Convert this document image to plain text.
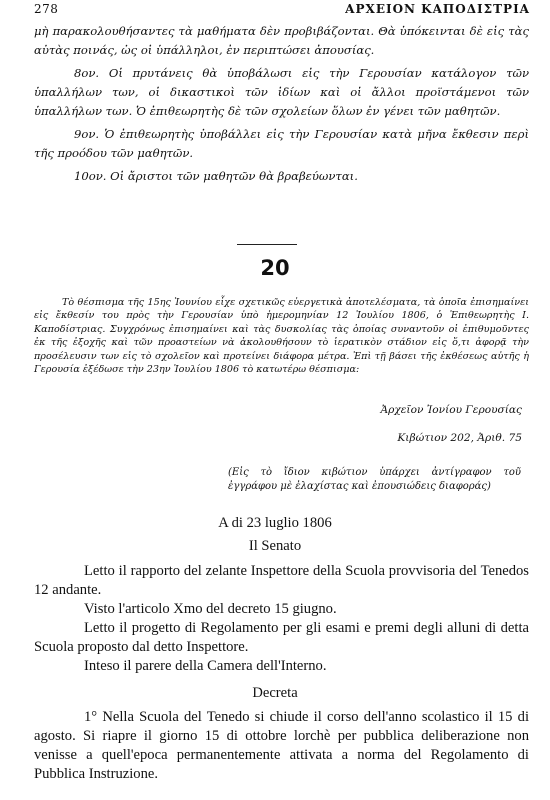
278	ΑΡΧΕΙΟΝ ΚΑΠΟΔΙΣΤΡΙΑ

μὴ παρακολουθήσαντες τὰ μαθήματα δὲν προβιβάζονται. Θὰ ὑπόκεινται δὲ εἰς τὰς αὐτὰς ποινάς, ὡς οἱ ὑπάλληλοι, ἐν περιπτώσει ἀπουσίας.

8ον. Οἱ πρυτάνεις θὰ ὑποβάλωσι εἰς τὴν Γερουσίαν κατάλογον τῶν ὑπαλλήλων των, οἱ δικαστικοὶ τῶν ἰδίων καὶ οἱ ἄλλοι προϊστάμενοι τῶν ὑπαλλήλων των. Ὁ ἐπιθεωρητὴς δὲ τῶν σχολείων ὅλων ἐν γένει τῶν μαθητῶν.

9ον. Ὁ ἐπιθεωρητὴς ὑποβάλλει εἰς τὴν Γερουσίαν κατὰ μῆνα ἔκθεσιν περὶ τῆς προόδου τῶν μαθητῶν.

10ον. Οἱ ἄριστοι τῶν μαθητῶν θὰ βραβεύωνται.

20

Τὸ θέσπισμα τῆς 15ης Ἰουνίου εἶχε σχετικῶς εὐεργετικὰ ἀποτελέσματα, τὰ ὁποῖα ἐπισημαίνει εἰς ἔκθεσίν του πρὸς τὴν Γερουσίαν ὑπὸ ἡμερομηνίαν 12 Ἰουλίου 1806, ὁ Ἐπιθεωρητὴς Ι. Καποδίστριας. Συγχρόνως ἐπισημαίνει καὶ τὰς δυσκολίας τὰς ὁποίας συναντοῦν οἱ ἐπιθυμοῦντες ἐκ τῆς ἐξοχῆς καὶ τῶν προαστείων νὰ ἀκολουθήσουν τὸ ἱερατικὸν στάδιον εἰς ὅ,τι ἀφορᾷ τὴν προσέλευσιν των εἰς τὸ σχολεῖον καὶ προτείνει διάφορα μέτρα. Ἐπὶ τῇ βάσει τῆς ἐκθέσεως αὐτῆς ἡ Γερουσία ἐξέδωσε τὴν 23ην Ἰουλίου 1806 τὸ κατωτέρω θέσπισμα:

Ἀρχεῖον Ἰονίου Γερουσίας
Κιβώτιον 202, Ἀριθ. 75
(Εἰς τὸ ἴδιον κιβώτιον ὑπάρχει ἀντίγραφον τοῦ ἐγγράφου μὲ ἐλαχίστας καὶ ἐπουσιώδεις διαφοράς)
A di 23 luglio 1806
Il Senato

Letto il rapporto del zelante Inspettore della Scuola provvisoria del Tenedos 12 andante.

Visto l'articolo Xmo del decreto 15 giugno.

Letto il progetto di Regolamento per gli esami e premi degli alluni di detta Scuola proposto dal detto Inspettore.

Inteso il parere della Camera dell'Interno.

Decreta

1° Nella Scuola del Tenedo si chiude il corso dell'anno scolastico il 15 di agosto. Si riapre il giorno 15 di ottobre lorchè per pubblica deliberazione non venisse a quell'epoca permanentemente attivata a norma del Regolamento di Pubblica Instruzione.
